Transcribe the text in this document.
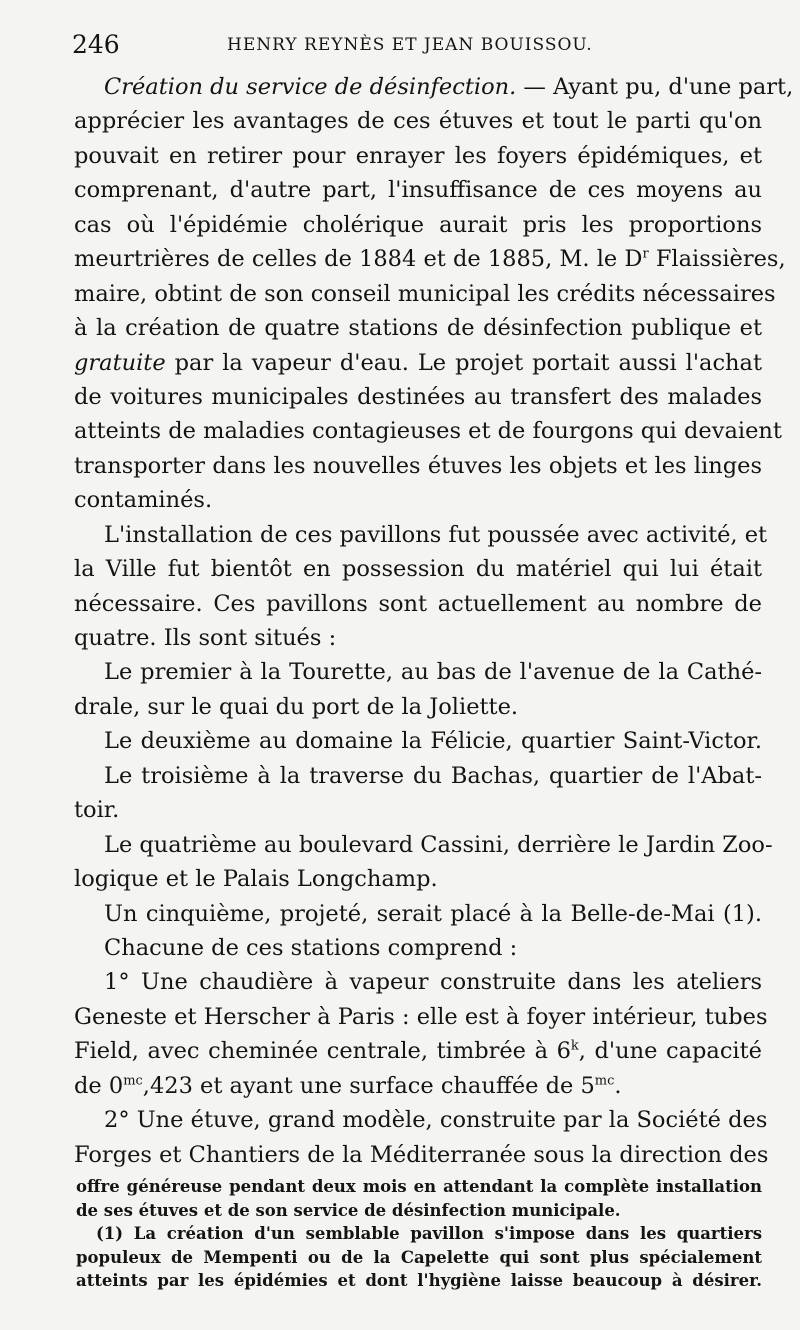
246	HENRY REYNÈS ET JEAN BOUISSOU.
Création du service de désinfection. — Ayant pu, d'une part,
apprécier les avantages de ces étuves et tout le parti qu'on
pouvait en retirer pour enrayer les foyers épidémiques, et
comprenant, d'autre part, l'insuffisance de ces moyens au
cas où l'épidémie cholérique aurait pris les proportions
meurtrières de celles de 1884 et de 1885, M. le $D^r$ Flaissières,
maire, obtint de son conseil municipal les crédits nécessaires
à la création de quatre stations de désinfection publique et
gratuite par la vapeur d'eau. Le projet portait aussi l'achat
de voitures municipales destinées au transfert des malades
atteints de maladies contagieuses et de fourgons qui devaient
transporter dans les nouvelles étuves les objets et les linges
contaminés.
L'installation de ces pavillons fut poussée avec activité, et
la Ville fut bientôt en possession du matériel qui lui était
nécessaire. Ces pavillons sont actuellement au nombre de
quatre. Ils sont situés :
Le premier à la Tourette, au bas de l'avenue de la Cathé-
drale, sur le quai du port de la Joliette.
Le deuxième au domaine la Félicie, quartier Saint-Victor.
Le troisième à la traverse du Bachas, quartier de l'Abat-
toir.
Le quatrième au boulevard Cassini, derrière le Jardin Zoo-
logique et le Palais Longchamp.
Un cinquième, projeté, serait placé à la Belle-de-Mai (1).
Chacune de ces stations comprend :
1° Une chaudière à vapeur construite dans les ateliers
Geneste et Herscher à Paris : elle est à foyer intérieur, tubes
Field, avec cheminée centrale, timbrée à 6$^k$, d'une capacité
de $0^{mc},423$ et ayant une surface chauffée de $5^{mc}$.
2° Une étuve, grand modèle, construite par la Société des
Forges et Chantiers de la Méditerranée sous la direction des
offre généreuse pendant deux mois en attendant la complète installation
de ses étuves et de son service de désinfection municipale.
(1) La création d'un semblable pavillon s'impose dans les quartiers
populeux de Mempenti ou de la Capelette qui sont plus spécialement
atteints par les épidémies et dont l'hygiène laisse beaucoup à désirer.
